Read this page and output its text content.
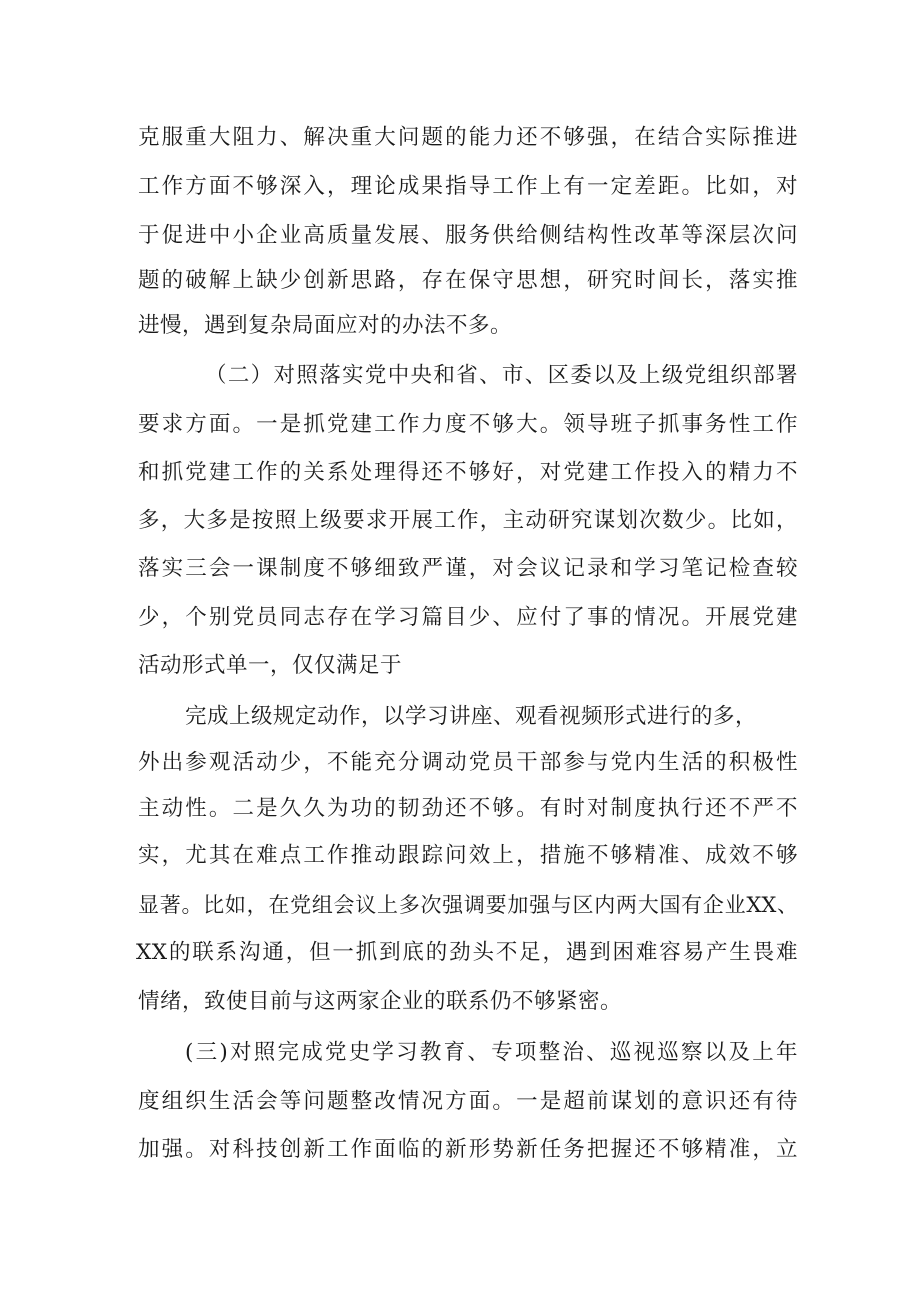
克服重大阻力、解决重大问题的能力还不够强，在结合实际推进
工作方面不够深入，理论成果指导工作上有一定差距。比如，对
于促进中小企业高质量发展、服务供给侧结构性改革等深层次问
题的破解上缺少创新思路，存在保守思想，研究时间长，落实推
进慢，遇到复杂局面应对的办法不多。
（二）对照落实党中央和省、市、区委以及上级党组织部署
要求方面。一是抓党建工作力度不够大。领导班子抓事务性工作
和抓党建工作的关系处理得还不够好，对党建工作投入的精力不
多，大多是按照上级要求开展工作，主动研究谋划次数少。比如，
落实三会一课制度不够细致严谨，对会议记录和学习笔记检查较
少，个别党员同志存在学习篇目少、应付了事的情况。开展党建
活动形式单一，仅仅满足于
完成上级规定动作，以学习讲座、观看视频形式进行的多，
外出参观活动少，不能充分调动党员干部参与党内生活的积极性
主动性。二是久久为功的韧劲还不够。有时对制度执行还不严不
实，尤其在难点工作推动跟踪问效上，措施不够精准、成效不够
显著。比如，在党组会议上多次强调要加强与区内两大国有企业XX、
XX的联系沟通，但一抓到底的劲头不足，遇到困难容易产生畏难
情绪，致使目前与这两家企业的联系仍不够紧密。
(三)对照完成党史学习教育、专项整治、巡视巡察以及上年
度组织生活会等问题整改情况方面。一是超前谋划的意识还有待
加强。对科技创新工作面临的新形势新任务把握还不够精准，立
